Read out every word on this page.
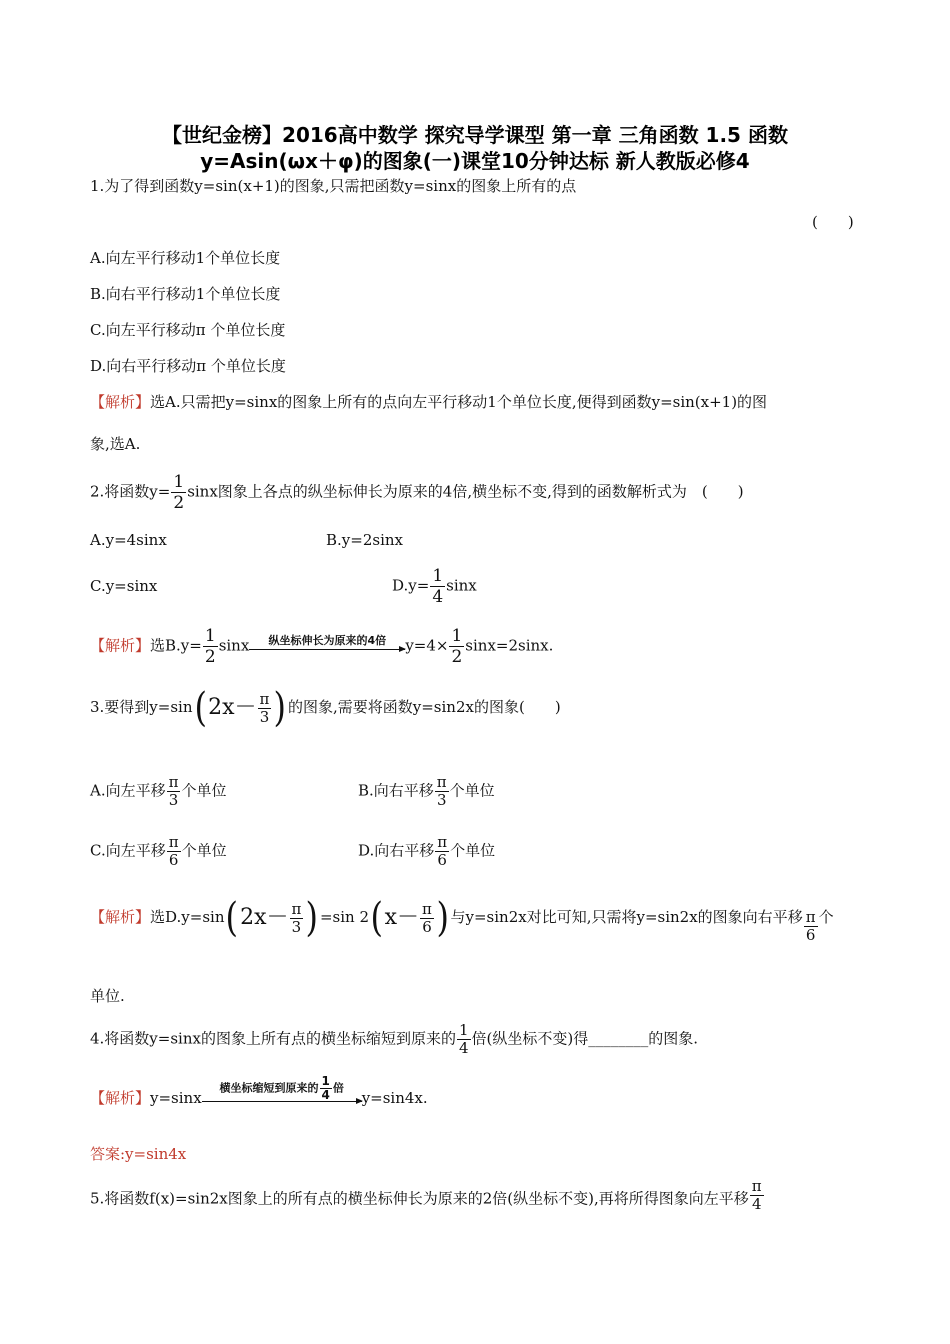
【世纪金榜】2016高中数学 探究导学课型 第一章 三角函数 1.5 函数
y=Asin(ωx＋φ)的图象(一)课堂10分钟达标 新人教版必修4
1.为了得到函数y=sin(x+1)的图象,只需把函数y=sinx的图象上所有的点
(　　)
A.向左平行移动1个单位长度
B.向右平行移动1个单位长度
C.向左平行移动π 个单位长度
D.向右平行移动π 个单位长度
【解析】选A.只需把y=sinx的图象上所有的点向左平行移动1个单位长度,便得到函数y=sin(x+1)的图
象,选A.
2.将函数$y= \frac{1}{2}$ sinx图象上各点的纵坐标伸长为原来的4倍,横坐标不变,得到的函数解析式为　(　　)
A.y=4sinx	B.y=2sinx
C.y=sinx	$D.y= \frac{1}{4}$ sinx
【解析】选$B.y= \frac{1}{2}$ sinx	纵坐标伸长为原来的4倍	$y=4\times \frac{1}{2} \sin x=2\sin x$.
3.要得到$y=\sin(2x- \frac{\pi}{3}$ ) 的图象,需要将函数y=sin2x的图象(　　)
A.向左平移 $\frac{\pi}{3}$ 个单位	B.向右平移 $\frac{\pi}{3}$ 个单位
C.向左平移 $\frac{\pi}{6}$ 个单位	D.向右平移 $\frac{\pi}{6}$ 个单位
【解析】选$D.y=\sin(2x- \frac{\pi}{3}$ ) =sin $2(x- \frac{\pi}{6}$ ) 与y=sin2x对比可知,只需将y=sin2x的图象向右平移 $\frac{\pi}{6}$ 个
单位.
4.将函数y=sinx的图象上所有点的横坐标缩短到原来的 $\frac{1}{4}$ 倍(纵坐标不变)得________的图象.
【解析】y=sinx
横坐标缩短到原来的 $\frac{1}{4}$ 倍
y=sin4x.
答案:y=sin4x
5.将函数f(x)=sin2x图象上的所有点的横坐标伸长为原来的2倍(纵坐标不变),再将所得图象向左平移 $\frac{\pi}{4}$
